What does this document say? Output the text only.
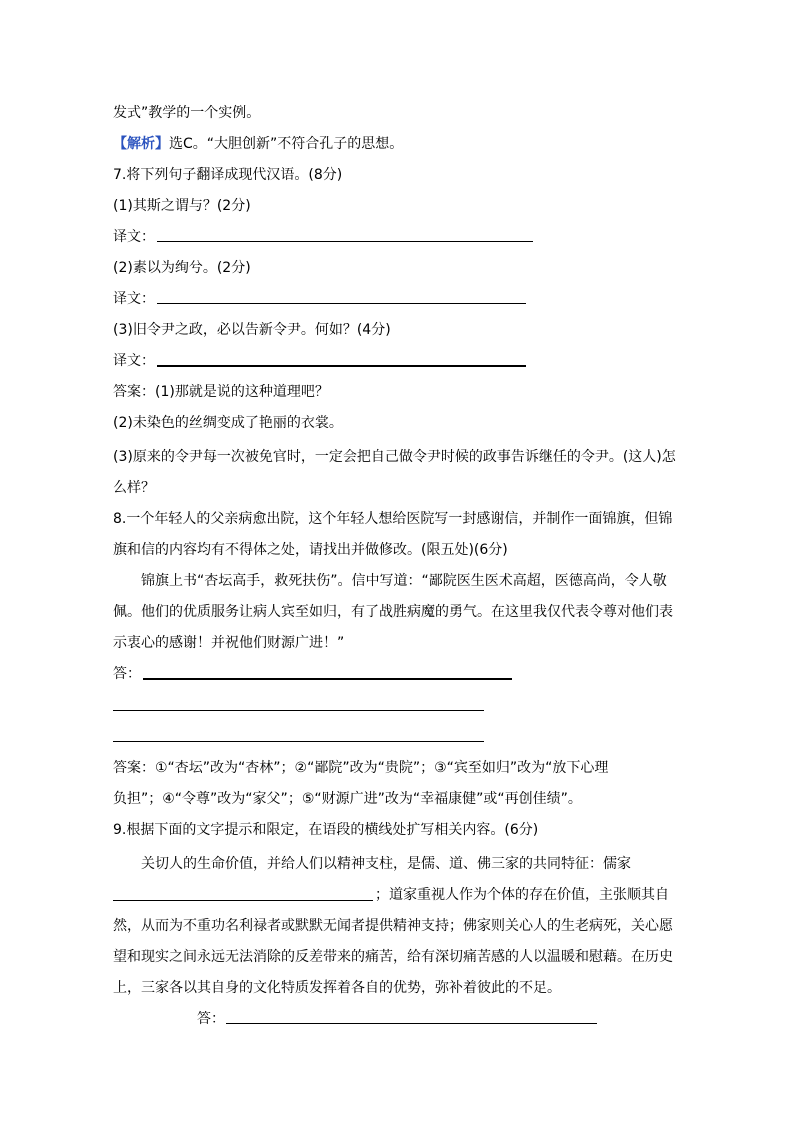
发式”教学的一个实例。
【解析】选C。“大胆创新”不符合孔子的思想。
7.将下列句子翻译成现代汉语。(8分)
(1)其斯之谓与？(2分)
译文：
(2)素以为绚兮。(2分)
译文：
(3)旧令尹之政，必以告新令尹。何如？(4分)
译文：
答案：(1)那就是说的这种道理吧？
(2)未染色的丝绸变成了艳丽的衣裳。
(3)原来的令尹每一次被免官时，一定会把自己做令尹时候的政事告诉继任的令尹。(这人)怎
么样？
8.一个年轻人的父亲病愈出院，这个年轻人想给医院写一封感谢信，并制作一面锦旗，但锦
旗和信的内容均有不得体之处，请找出并做修改。(限五处)(6分)
锦旗上书“杏坛高手，救死扶伤”。信中写道：“鄙院医生医术高超，医德高尚，令人敬
佩。他们的优质服务让病人宾至如归，有了战胜病魔的勇气。在这里我仅代表令尊对他们表
示衷心的感谢！并祝他们财源广进！”
答：
答案：①“杏坛”改为“杏林”；②“鄙院”改为“贵院”；③“宾至如归”改为“放下心理
负担”；④“令尊”改为“家父”；⑤“财源广进”改为“幸福康健”或“再创佳绩”。
9.根据下面的文字提示和限定，在语段的横线处扩写相关内容。(6分)
关切人的生命价值，并给人们以精神支柱，是儒、道、佛三家的共同特征：儒家
；道家重视人作为个体的存在价值，主张顺其自
然，从而为不重功名利禄者或默默无闻者提供精神支持；佛家则关心人的生老病死，关心愿
望和现实之间永远无法消除的反差带来的痛苦，给有深切痛苦感的人以温暖和慰藉。在历史
上，三家各以其自身的文化特质发挥着各自的优势，弥补着彼此的不足。
答：
